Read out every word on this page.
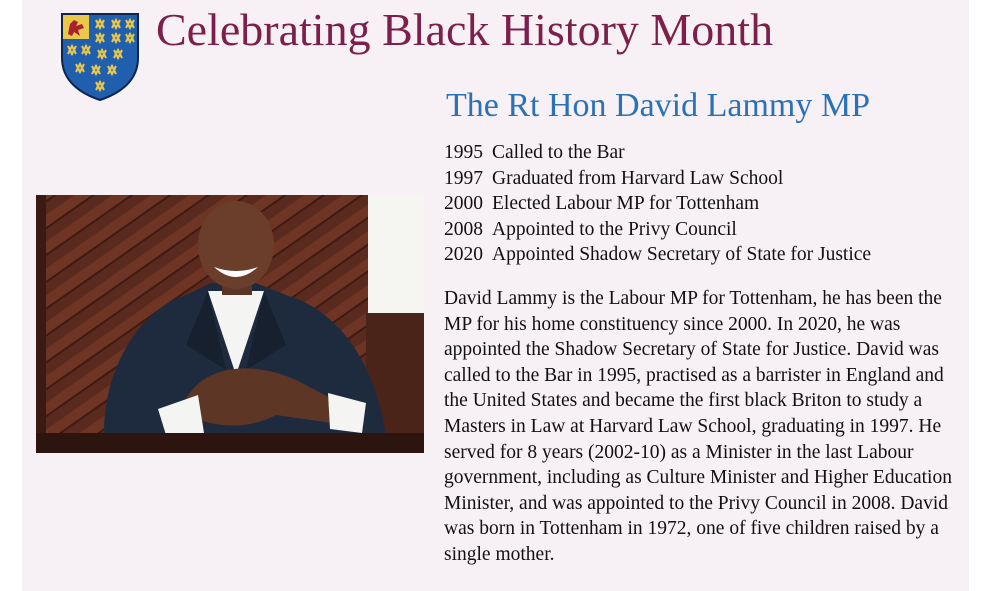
Celebrating Black History Month
The Rt Hon David Lammy MP
1995 Called to the Bar
1997 Graduated from Harvard Law School
2000 Elected Labour MP for Tottenham
2008 Appointed to the Privy Council
2020 Appointed Shadow Secretary of State for Justice

David Lammy is the Labour MP for Tottenham, he has been the MP for his home constituency since 2000. In 2020, he was appointed the Shadow Secretary of State for Justice. David was called to the Bar in 1995, practised as a barrister in England and the United States and became the first black Briton to study a Masters in Law at Harvard Law School, graduating in 1997. He served for 8 years (2002-10) as a Minister in the last Labour government, including as Culture Minister and Higher Education Minister, and was appointed to the Privy Council in 2008. David was born in Tottenham in 1972, one of five children raised by a single mother.
